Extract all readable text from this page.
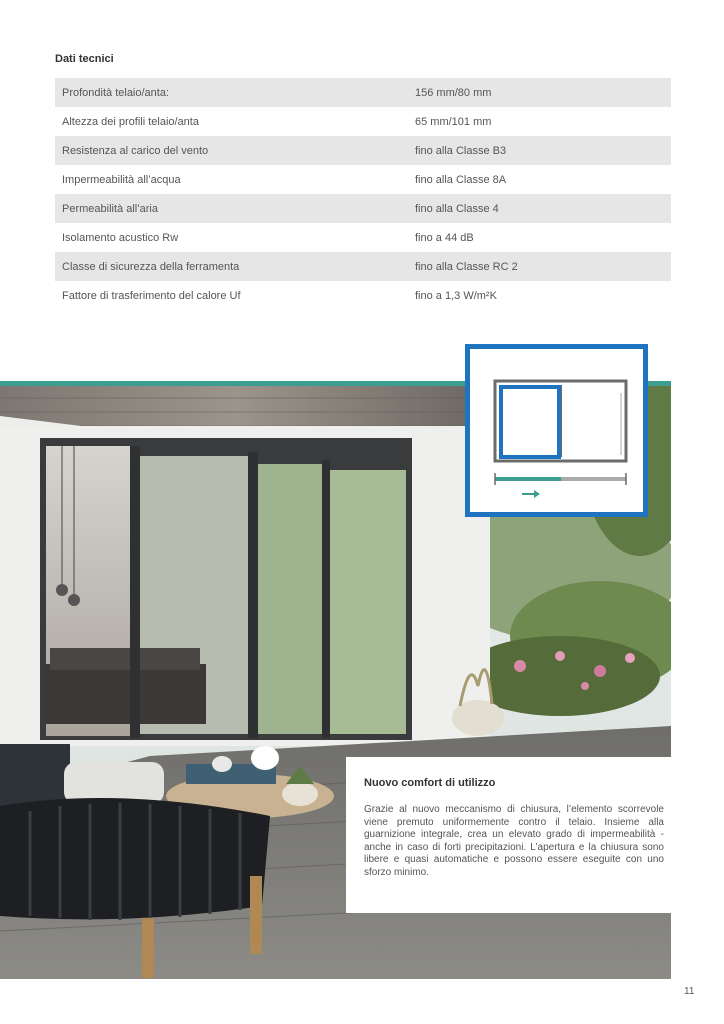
Dati tecnici
Profondità telaio/anta:	156 mm/80 mm
Altezza dei profili telaio/anta	65 mm/101 mm
Resistenza al carico del vento	fino alla Classe B3
Impermeabilità all’acqua	fino alla Classe 8A
Permeabilità all’aria	fino alla Classe 4
Isolamento acustico Rw	fino a 44 dB
Classe di sicurezza della ferramenta	fino alla Classe RC 2
Fattore di trasferimento del calore Uf	fino a 1,3 W/m²K
Nuovo comfort di utilizzo

Grazie al nuovo meccanismo di chiusura, l’elemento scorrevole viene premuto uniformemente contro il telaio. Insieme alla guarnizione integrale, crea un elevato grado di impermeabilità - anche in caso di forti precipitazioni. L’apertura e la chiusura sono libere e quasi automatiche e possono essere eseguite con uno sforzo minimo.

11
